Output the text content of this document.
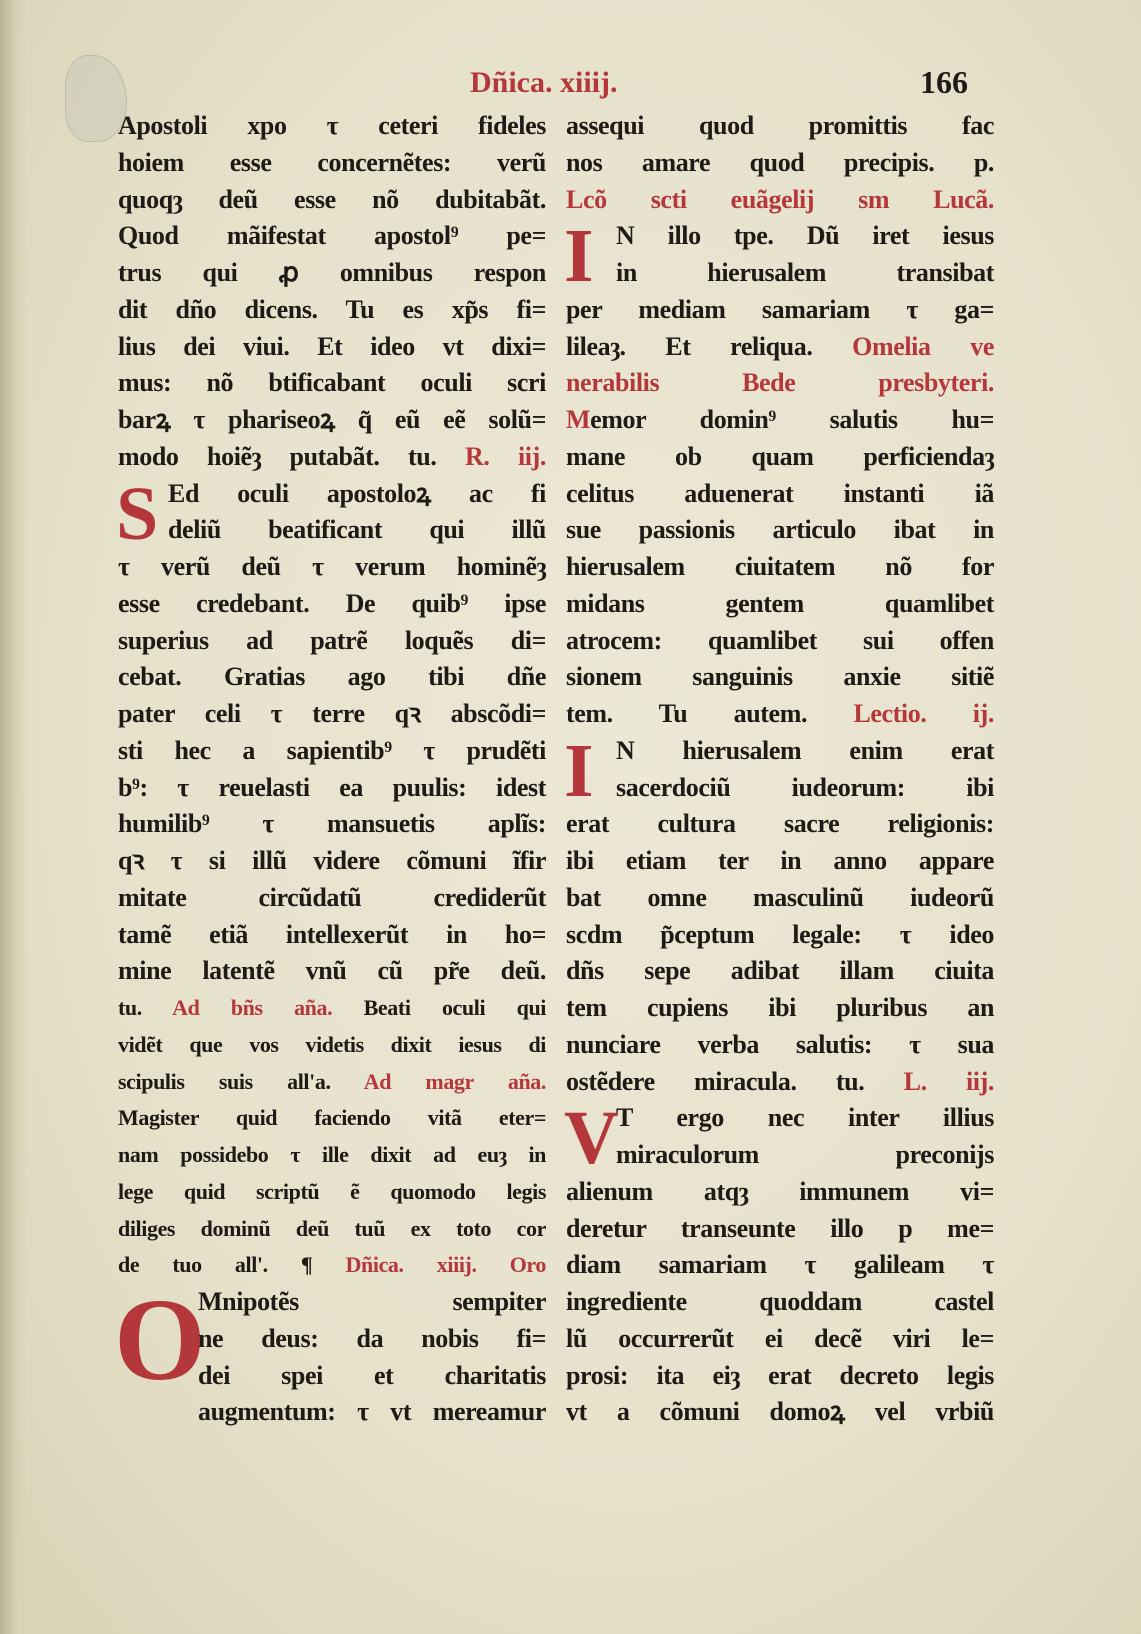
Dñica. xiiij.	166
Apostoli xpo τ ceteri fideles
hoiem esse concernẽtes: verũ
quoqȝ deũ esse nõ dubitabãt.
Quod mãifestat apostol⁹ pe=
trus qui ꝓ omnibus respon
dit dño dicens. Tu es xp̃s fi=
lius dei viui. Et ideo vt dixi=
mus: nõ btificabant oculi scri
barꝝ τ phariseoꝝ q̃ eũ eẽ solũ=
modo hoiẽȝ putabãt. tu. R. iij.
S Ed oculi apostoloꝝ ac fi
deliũ beatificant qui illũ
τ verũ deũ τ verum hominẽȝ
esse credebant. De quib⁹ ipse
superius ad patrẽ loquẽs di=
cebat. Gratias ago tibi dñe
pater celi τ terre qꝛ abscõdi=
sti hec a sapientib⁹ τ prudẽti
b⁹: τ reuelasti ea puulis: idest
humilib⁹ τ mansuetis aplĩs:
qꝛ τ si illũ videre cõmuni ĩfir
mitate circũdatũ crediderũt
tamẽ etiã intellexerũt in ho=
mine latentẽ vnũ cũ pr̃e deũ.
tu. Ad bñs aña. Beati oculi qui
vidẽt que vos videtis dixit iesus di
scipulis suis all'a. Ad magr aña.
Magister quid faciendo vitã eter=
nam possidebo τ ille dixit ad euȝ in
lege quid scriptũ ẽ quomodo legis
diliges dominũ deũ tuũ ex toto cor
de tuo all'. ¶ Dñica. xiiij. Oro
O
Mnipotẽs sempiter
ne deus: da nobis fi=
dei spei et charitatis
augmentum: τ vt mereamur
assequi quod promittis fac
nos amare quod precipis. p.
Lcõ scti euãgelij sm Lucã.
I N illo tpe. Dũ iret iesus
in hierusalem transibat
per mediam samariam τ ga=
lileaȝ. Et reliqua. Omelia ve
nerabilis Bede presbyteri.
Memor domin⁹ salutis hu=
mane ob quam perficiendaȝ
celitus aduenerat instanti iã
sue passionis articulo ibat in
hierusalem ciuitatem nõ for
midans gentem quamlibet
atrocem: quamlibet sui offen
sionem sanguinis anxie sitiẽ
tem. Tu autem. Lectio. ij.
I N hierusalem enim erat
sacerdociũ iudeorum: ibi
erat cultura sacre religionis:
ibi etiam ter in anno appare
bat omne masculinũ iudeorũ
scdm p̃ceptum legale: τ ideo
dñs sepe adibat illam ciuita
tem cupiens ibi pluribus an
nunciare verba salutis: τ sua
ostẽdere miracula. tu. L. iij.
V
T ergo nec inter illius
miraculorum preconijs
alienum atqȝ immunem vi=
deretur transeunte illo p me=
diam samariam τ galileam τ
ingrediente quoddam castel
lũ occurrerũt ei decẽ viri le=
prosi: ita eiȝ erat decreto legis
vt a cõmuni domoꝝ vel vrbiũ
